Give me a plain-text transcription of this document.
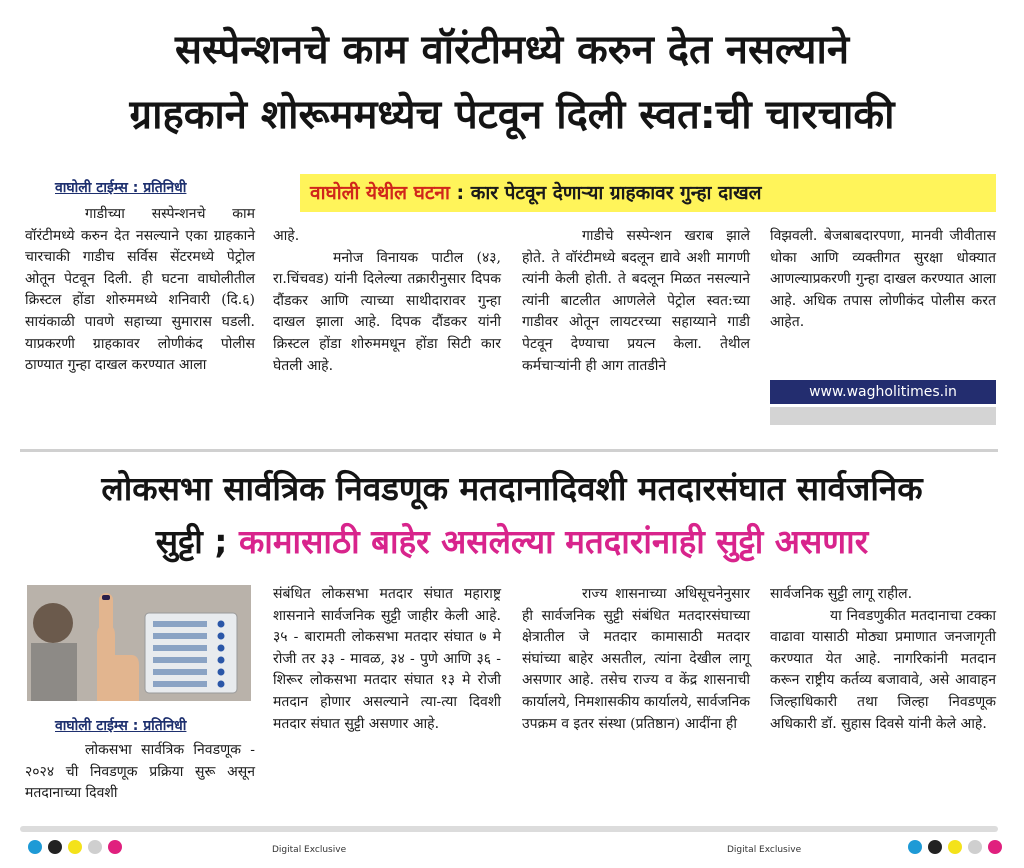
सस्पेन्शनचे काम वॉरंटीमध्ये करुन देत नसल्याने
ग्राहकाने शोरूममध्येच पेटवून दिली स्वत:ची चारचाकी
वाघोली टाईम्स : प्रतिनिधी	वाघोली येथील घटना : कार पेटवून देणाऱ्या ग्राहकावर गुन्हा दाखल

गाडीच्या सस्पेन्शनचे काम वॉरंटीमध्ये करुन देत नसल्याने एका ग्राहकाने चारचाकी गाडीच सर्विस सेंटरमध्ये पेट्रोल ओतून पेटवून दिली. ही घटना वाघोलीतील क्रिस्टल होंडा शोरुममध्ये शनिवारी (दि.६) सायंकाळी पावणे सहाच्या सुमारास घडली. याप्रकरणी ग्राहकावर लोणीकंद पोलीस ठाण्यात गुन्हा दाखल करण्यात आला

आहे.

मनोज विनायक पाटील (४३, रा.चिंचवड) यांनी दिलेल्या तक्रारीनुसार दिपक दौंडकर आणि त्याच्या साथीदारावर गुन्हा दाखल झाला आहे. दिपक दौंडकर यांनी क्रिस्टल होंडा शोरुममधून होंडा सिटी कार घेतली आहे.

गाडीचे सस्पेन्शन खराब झाले होते. ते वॉरंटीमध्ये बदलून द्यावे अशी मागणी त्यांनी केली होती. ते बदलून मिळत नसल्याने त्यांनी बाटलीत आणलेले पेट्रोल स्वत:च्या गाडीवर ओतून लायटरच्या सहाय्याने गाडी पेटवून देण्याचा प्रयत्न केला. तेथील कर्मचाऱ्यांनी ही आग तातडीने

विझवली. बेजबाबदारपणा, मानवी जीवीतास धोका आणि व्यक्तीगत सुरक्षा धोक्यात आणल्याप्रकरणी गुन्हा दाखल करण्यात आला आहे. अधिक तपास लोणीकंद पोलीस करत आहेत.

www.wagholitimes.in
लोकसभा सार्वत्रिक निवडणूक मतदानादिवशी मतदारसंघात सार्वजनिक
सुट्टी ; कामासाठी बाहेर असलेल्या मतदारांनाही सुट्टी असणार
वाघोली टाईम्स : प्रतिनिधी

लोकसभा सार्वत्रिक निवडणूक - २०२४ ची निवडणूक प्रक्रिया सुरू असून मतदानाच्या दिवशी

संबंधित लोकसभा मतदार संघात महाराष्ट्र शासनाने सार्वजनिक सुट्टी जाहीर केली आहे. ३५ - बारामती लोकसभा मतदार संघात ७ मे रोजी तर ३३ - मावळ, ३४ - पुणे आणि ३६ - शिरूर लोकसभा मतदार संघात १३ मे रोजी मतदान होणार असल्याने त्या-त्या दिवशी मतदार संघात सुट्टी असणार आहे.

राज्य शासनाच्या अधिसूचनेनुसार ही सार्वजनिक सुट्टी संबंधित मतदारसंघाच्या क्षेत्रातील जे मतदार कामासाठी मतदार संघांच्या बाहेर असतील, त्यांना देखील लागू असणार आहे. तसेच राज्य व केंद्र शासनाची कार्यालये, निमशासकीय कार्यालये, सार्वजनिक उपक्रम व इतर संस्था (प्रतिष्ठान) आदींना ही

सार्वजनिक सुट्टी लागू राहील.

या निवडणुकीत मतदानाचा टक्का वाढावा यासाठी मोठ्या प्रमाणात जनजागृती करण्यात येत आहे. नागरिकांनी मतदान करून राष्ट्रीय कर्तव्य बजावावे, असे आवाहन जिल्हाधिकारी तथा जिल्हा निवडणूक अधिकारी डॉ. सुहास दिवसे यांनी केले आहे.

Digital Exclusive	Digital Exclusive
